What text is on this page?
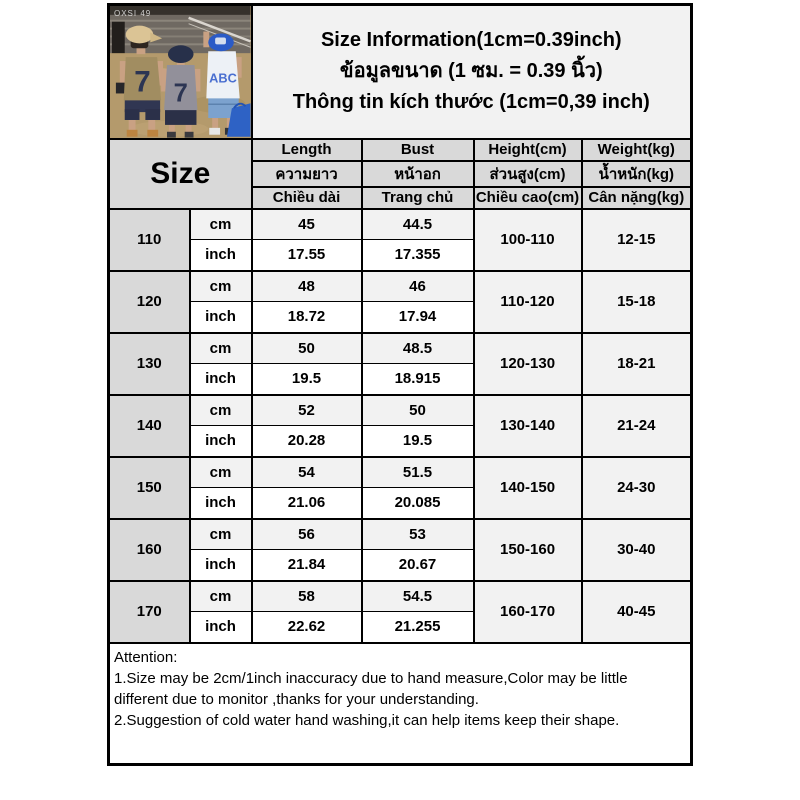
7 7
ABC
OXSI 49

Size Information(1cm=0.39inch)
ข้อมูลขนาด (1 ซม. = 0.39 นิ้ว)
Thông tin kích thước (1cm=0,39 inch)

Size		Length	Bust	Height(cm)	Weight(kg)
		ความยาว	หน้าอก	ส่วนสูง(cm)	น้ำหนัก(kg)
		Chiều dài	Trang chủ	Chiều cao(cm)	Cân nặng(kg)
110	cm	45	44.5	100-110	12-15
	inch	17.55	17.355		
120	cm	48	46	110-120	15-18
	inch	18.72	17.94		
130	cm	50	48.5	120-130	18-21
	inch	19.5	18.915		
140	cm	52	50	130-140	21-24
	inch	20.28	19.5		
150	cm	54	51.5	140-150	24-30
	inch	21.06	20.085		
160	cm	56	53	150-160	30-40
	inch	21.84	20.67		
170	cm	58	54.5	160-170	40-45
	inch	22.62	21.255		

Attention:
1.Size may be 2cm/1inch inaccuracy due to hand measure,Color may be little different due to monitor ,thanks for your understanding.
2.Suggestion of cold water hand washing,it can help items keep their shape.					
